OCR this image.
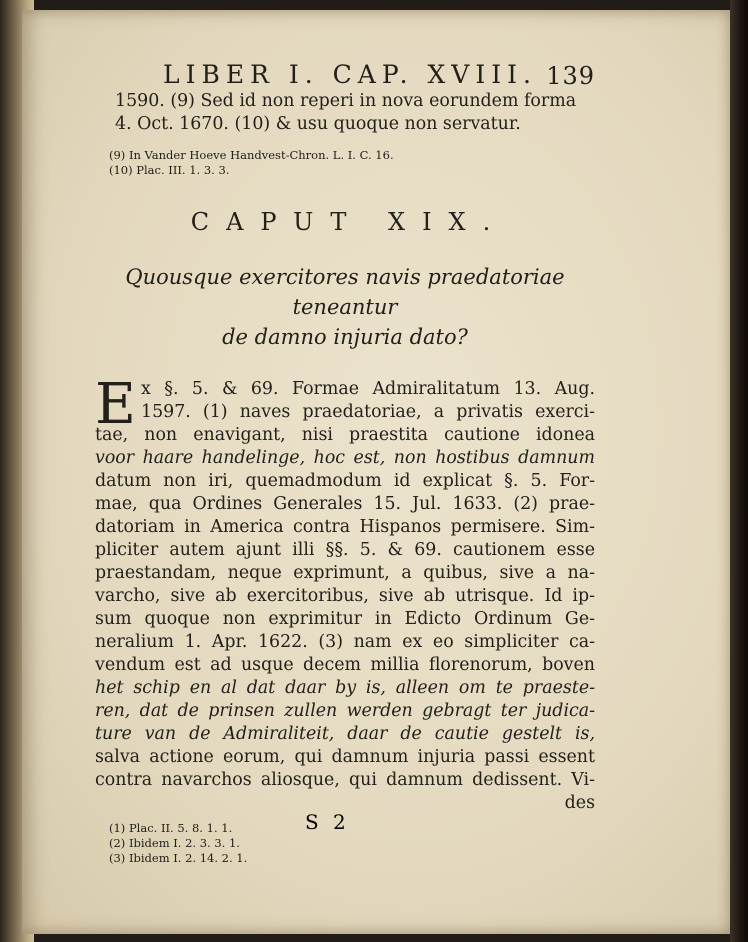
LIBER I. CAP. XVIII. 139
1590. (9) Sed id non reperi in nova eorundem forma
4. Oct. 1670. (10) & usu quoque non servatur.
(9) In Vander Hoeve Handvest-Chron. L. I. C. 16.
(10) Plac. III. 1. 3. 3.
CAPUT XIX.
Quousque exercitores navis praedatoriae teneantur
de damno injuria dato?
E x §. 5. & 69. Formae Admiralitatum 13. Aug.
1597. (1) naves praedatoriae, a privatis exerci-
tae, non enavigant, nisi praestita cautione idonea
voor haare handelinge, hoc est, non hostibus damnum
datum non iri, quemadmodum id explicat §. 5. For-
mae, qua Ordines Generales 15. Jul. 1633. (2) prae-
datoriam in America contra Hispanos permisere. Sim-
pliciter autem ajunt illi §§. 5. & 69. cautionem esse
praestandam, neque exprimunt, a quibus, sive a na-
varcho, sive ab exercitoribus, sive ab utrisque. Id ip-
sum quoque non exprimitur in Edicto Ordinum Ge-
neralium 1. Apr. 1622. (3) nam ex eo simpliciter ca-
vendum est ad usque decem millia florenorum, boven
het schip en al dat daar by is, alleen om te praeste-
ren, dat de prinsen zullen werden gebragt ter judica-
ture van de Admiraliteit, daar de cautie gestelt is,
salva actione eorum, qui damnum injuria passi essent
contra navarchos aliosque, qui damnum dedissent. Vi-
des
(1) Plac. II. 5. 8. 1. 1.
(2) Ibidem I. 2. 3. 3. 1.
(3) Ibidem I. 2. 14. 2. 1.
S 2
